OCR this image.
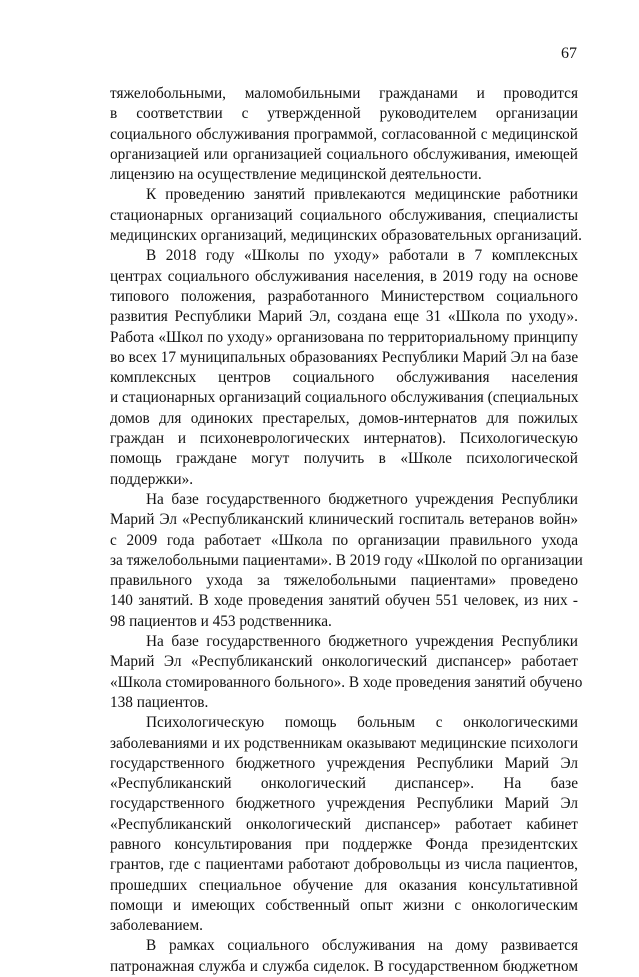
67
тяжелобольными, маломобильными гражданами и проводится
в соответствии с утвержденной руководителем организации
социального обслуживания программой, согласованной с медицинской
организацией или организацией социального обслуживания, имеющей
лицензию на осуществление медицинской деятельности.
К проведению занятий привлекаются медицинские работники
стационарных организаций социального обслуживания, специалисты
медицинских организаций, медицинских образовательных организаций.
В 2018 году «Школы по уходу» работали в 7 комплексных
центрах социального обслуживания населения, в 2019 году на основе
типового положения, разработанного Министерством социального
развития Республики Марий Эл, создана еще 31 «Школа по уходу».
Работа «Школ по уходу» организована по территориальному принципу
во всех 17 муниципальных образованиях Республики Марий Эл на базе
комплексных центров социального обслуживания населения
и стационарных организаций социального обслуживания (специальных
домов для одиноких престарелых, домов-интернатов для пожилых
граждан и психоневрологических интернатов). Психологическую
помощь граждане могут получить в «Школе психологической
поддержки».
На базе государственного бюджетного учреждения Республики
Марий Эл «Республиканский клинический госпиталь ветеранов войн»
с 2009 года работает «Школа по организации правильного ухода
за тяжелобольными пациентами». В 2019 году «Школой по организации
правильного ухода за тяжелобольными пациентами» проведено
140 занятий. В ходе проведения занятий обучен 551 человек, из них -
98 пациентов и 453 родственника.
На базе государственного бюджетного учреждения Республики
Марий Эл «Республиканский онкологический диспансер» работает
«Школа стомированного больного». В ходе проведения занятий обучено
138 пациентов.
Психологическую помощь больным с онкологическими
заболеваниями и их родственникам оказывают медицинские психологи
государственного бюджетного учреждения Республики Марий Эл
«Республиканский онкологический диспансер». На базе
государственного бюджетного учреждения Республики Марий Эл
«Республиканский онкологический диспансер» работает кабинет
равного консультирования при поддержке Фонда президентских
грантов, где с пациентами работают добровольцы из числа пациентов,
прошедших специальное обучение для оказания консультативной
помощи и имеющих собственный опыт жизни с онкологическим
заболеванием.
В рамках социального обслуживания на дому развивается
патронажная служба и служба сиделок. В государственном бюджетном
